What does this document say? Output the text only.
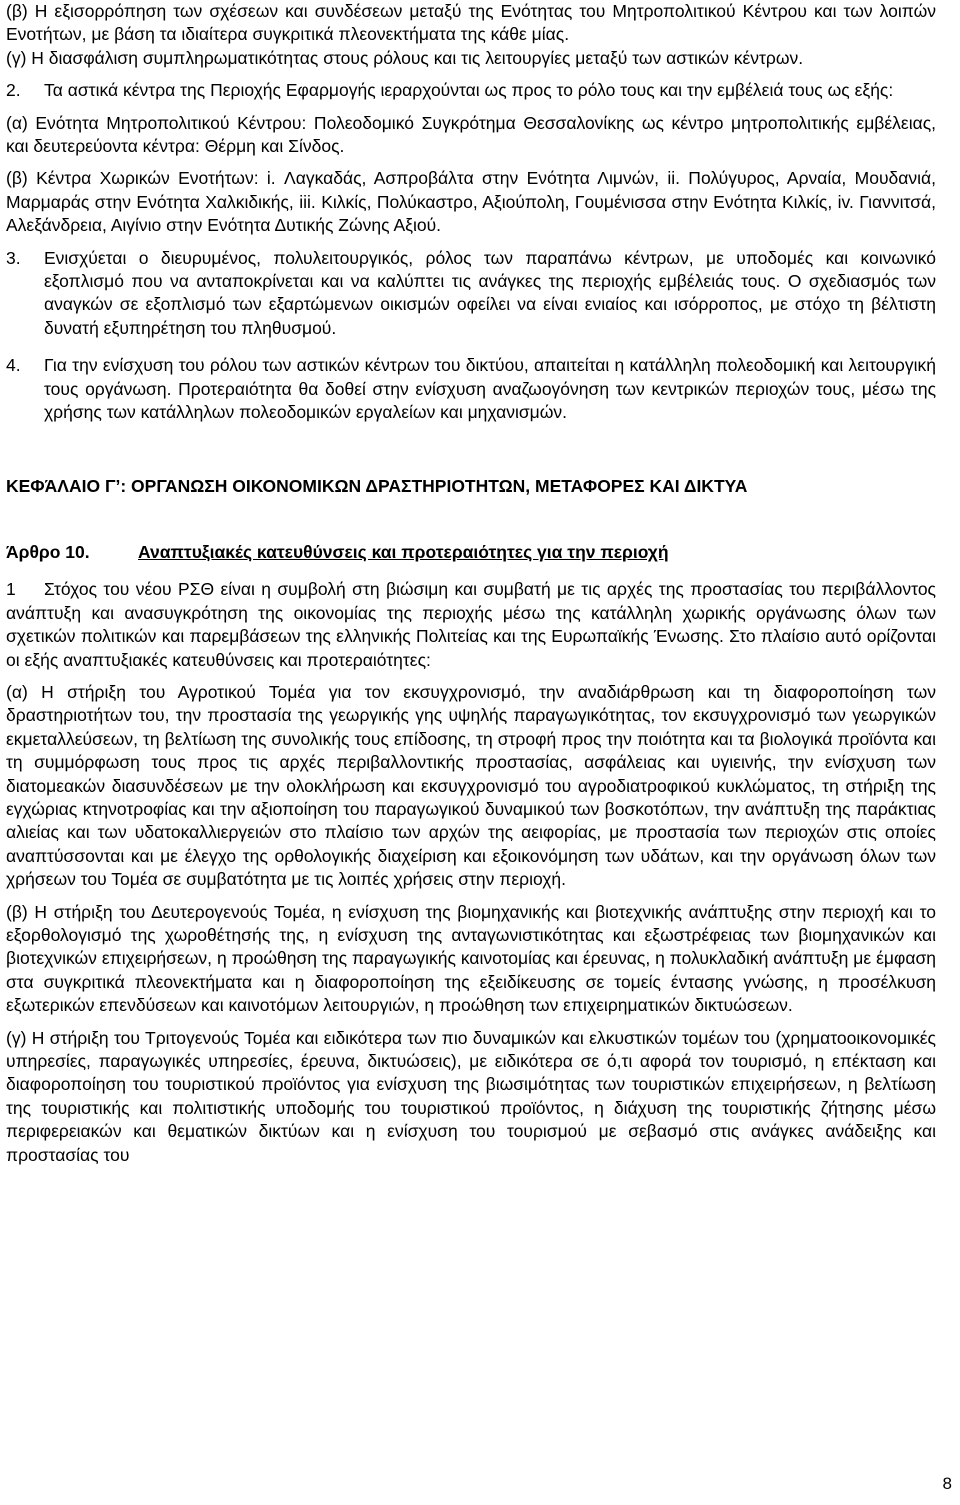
(β) Η εξισορρόπηση των σχέσεων και συνδέσεων μεταξύ της Ενότητας του Μητροπολιτικού Κέντρου και των λοιπών Ενοτήτων, με βάση τα ιδιαίτερα συγκριτικά πλεονεκτήματα της κάθε μίας.

(γ) Η διασφάλιση συμπληρωματικότητας στους ρόλους και τις λειτουργίες μεταξύ των αστικών κέντρων.

2. Τα αστικά κέντρα της Περιοχής Εφαρμογής ιεραρχούνται ως προς το ρόλο τους και την εμβέλειά τους ως εξής:

(α) Ενότητα Μητροπολιτικού Κέντρου: Πολεοδομικό Συγκρότημα Θεσσαλονίκης ως κέντρο μητροπολιτικής εμβέλειας, και δευτερεύοντα κέντρα: Θέρμη και Σίνδος.

(β) Κέντρα Χωρικών Ενοτήτων: i. Λαγκαδάς, Ασπροβάλτα στην Ενότητα Λιμνών, ii. Πολύγυρος, Αρναία, Μουδανιά, Μαρμαράς στην Ενότητα Χαλκιδικής, iii. Κιλκίς, Πολύκαστρο, Αξιούπολη, Γουμένισσα στην Ενότητα Κιλκίς, iv. Γιαννιτσά, Αλεξάνδρεια, Αιγίνιο στην Ενότητα Δυτικής Ζώνης Αξιού.

3. Ενισχύεται ο διευρυμένος, πολυλειτουργικός, ρόλος των παραπάνω κέντρων, με υποδομές και κοινωνικό εξοπλισμό που να ανταποκρίνεται και να καλύπτει τις ανάγκες της περιοχής εμβέλειάς τους. Ο σχεδιασμός των αναγκών σε εξοπλισμό των εξαρτώμενων οικισμών οφείλει να είναι ενιαίος και ισόρροπος, με στόχο τη βέλτιστη δυνατή εξυπηρέτηση του πληθυσμού.

4. Για την ενίσχυση του ρόλου των αστικών κέντρων του δικτύου, απαιτείται η κατάλληλη πολεοδομική και λειτουργική τους οργάνωση. Προτεραιότητα θα δοθεί στην ενίσχυση αναζωογόνηση των κεντρικών περιοχών τους, μέσω της χρήσης των κατάλληλων πολεοδομικών εργαλείων και μηχανισμών.

ΚΕΦΆΛΑΙΟ Γ’: ΟΡΓΑΝΩΣΗ ΟΙΚΟΝΟΜΙΚΩΝ ΔΡΑΣΤΗΡΙΟΤΗΤΩΝ, ΜΕΤΑΦΟΡΕΣ ΚΑΙ ΔΙΚΤΥΑ
Άρθρο 10.	Αναπτυξιακές κατευθύνσεις και προτεραιότητες για την περιοχή

1 Στόχος του νέου ΡΣΘ είναι η συμβολή στη βιώσιμη και συμβατή με τις αρχές της προστασίας του περιβάλλοντος ανάπτυξη και ανασυγκρότηση της οικονομίας της περιοχής μέσω της κατάλληλη χωρικής οργάνωσης όλων των σχετικών πολιτικών και παρεμβάσεων της ελληνικής Πολιτείας και της Ευρωπαϊκής Ένωσης. Στο πλαίσιο αυτό ορίζονται οι εξής αναπτυξιακές κατευθύνσεις και προτεραιότητες:

(α) Η στήριξη του Αγροτικού Τομέα για τον εκσυγχρονισμό, την αναδιάρθρωση και τη διαφοροποίηση των δραστηριοτήτων του, την προστασία της γεωργικής γης υψηλής παραγωγικότητας, τον εκσυγχρονισμό των γεωργικών εκμεταλλεύσεων, τη βελτίωση της συνολικής τους επίδοσης, τη στροφή προς την ποιότητα και τα βιολογικά προϊόντα και τη συμμόρφωση τους προς τις αρχές περιβαλλοντικής προστασίας, ασφάλειας και υγιεινής, την ενίσχυση των διατομεακών διασυνδέσεων με την ολοκλήρωση και εκσυγχρονισμό του αγροδιατροφικού κυκλώματος, τη στήριξη της εγχώριας κτηνοτροφίας και την αξιοποίηση του παραγωγικού δυναμικού των βοσκοτόπων, την ανάπτυξη της παράκτιας αλιείας και των υδατοκαλλιεργειών στο πλαίσιο των αρχών της αειφορίας, με προστασία των περιοχών στις οποίες αναπτύσσονται και με έλεγχο της ορθολογικής διαχείριση και εξοικονόμηση των υδάτων, και την οργάνωση όλων των χρήσεων του Τομέα σε συμβατότητα με τις λοιπές χρήσεις στην περιοχή.

(β) Η στήριξη του Δευτερογενούς Τομέα, η ενίσχυση της βιομηχανικής και βιοτεχνικής ανάπτυξης στην περιοχή και το εξορθολογισμό της χωροθέτησής της, η ενίσχυση της ανταγωνιστικότητας και εξωστρέφειας των βιομηχανικών και βιοτεχνικών επιχειρήσεων, η προώθηση της παραγωγικής καινοτομίας και έρευνας, η πολυκλαδική ανάπτυξη με έμφαση στα συγκριτικά πλεονεκτήματα και η διαφοροποίηση της εξειδίκευσης σε τομείς έντασης γνώσης, η προσέλκυση εξωτερικών επενδύσεων και καινοτόμων λειτουργιών, η προώθηση των επιχειρηματικών δικτυώσεων.

(γ) Η στήριξη του Τριτογενούς Τομέα και ειδικότερα των πιο δυναμικών και ελκυστικών τομέων του (χρηματοοικονομικές υπηρεσίες, παραγωγικές υπηρεσίες, έρευνα, δικτυώσεις), με ειδικότερα σε ό,τι αφορά τον τουρισμό, η επέκταση και διαφοροποίηση του τουριστικού προϊόντος για ενίσχυση της βιωσιμότητας των τουριστικών επιχειρήσεων, η βελτίωση της τουριστικής και πολιτιστικής υποδομής του τουριστικού προϊόντος, η διάχυση της τουριστικής ζήτησης μέσω περιφερειακών και θεματικών δικτύων και η ενίσχυση του τουρισμού με σεβασμό στις ανάγκες ανάδειξης και προστασίας του

8
